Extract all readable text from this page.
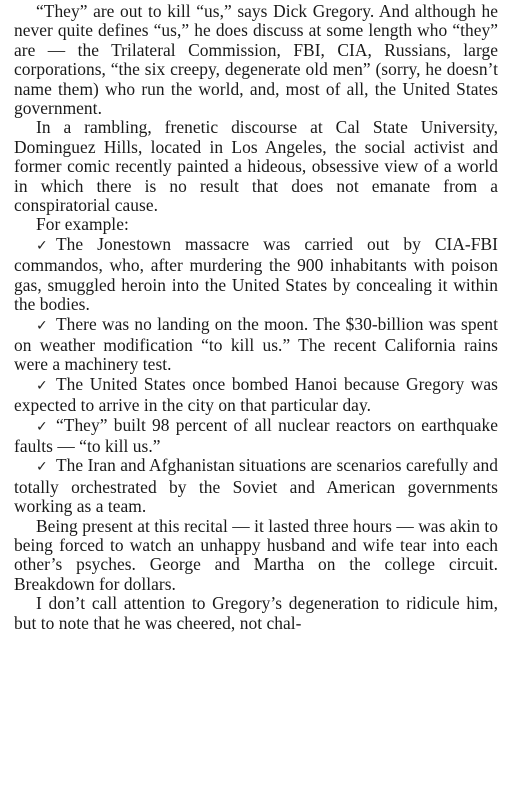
“They” are out to kill “us,” says Dick Gregory. And although he never quite defines “us,” he does discuss at some length who “they” are — the Trilateral Commission, FBI, CIA, Russians, large corporations, “the six creepy, degenerate old men” (sorry, he doesn’t name them) who run the world, and, most of all, the United States government.

In a rambling, frenetic discourse at Cal State University, Dominguez Hills, located in Los Angeles, the social activist and former comic recently painted a hideous, obsessive view of a world in which there is no result that does not emanate from a conspiratorial cause.

For example:

✓ The Jonestown massacre was carried out by CIA-FBI commandos, who, after murdering the 900 inhabitants with poison gas, smuggled heroin into the United States by concealing it within the bodies.

✓ There was no landing on the moon. The $30-billion was spent on weather modification “to kill us.” The recent California rains were a machinery test.

✓ The United States once bombed Hanoi because Gregory was expected to arrive in the city on that particular day.

✓ “They” built 98 percent of all nuclear reactors on earthquake faults — “to kill us.”

✓ The Iran and Afghanistan situations are scenarios carefully and totally orchestrated by the Soviet and American governments working as a team.

Being present at this recital — it lasted three hours — was akin to being forced to watch an unhappy husband and wife tear into each other’s psyches. George and Martha on the college circuit. Breakdown for dollars.

I don’t call attention to Gregory’s degeneration to ridicule him, but to note that he was cheered, not chal-
